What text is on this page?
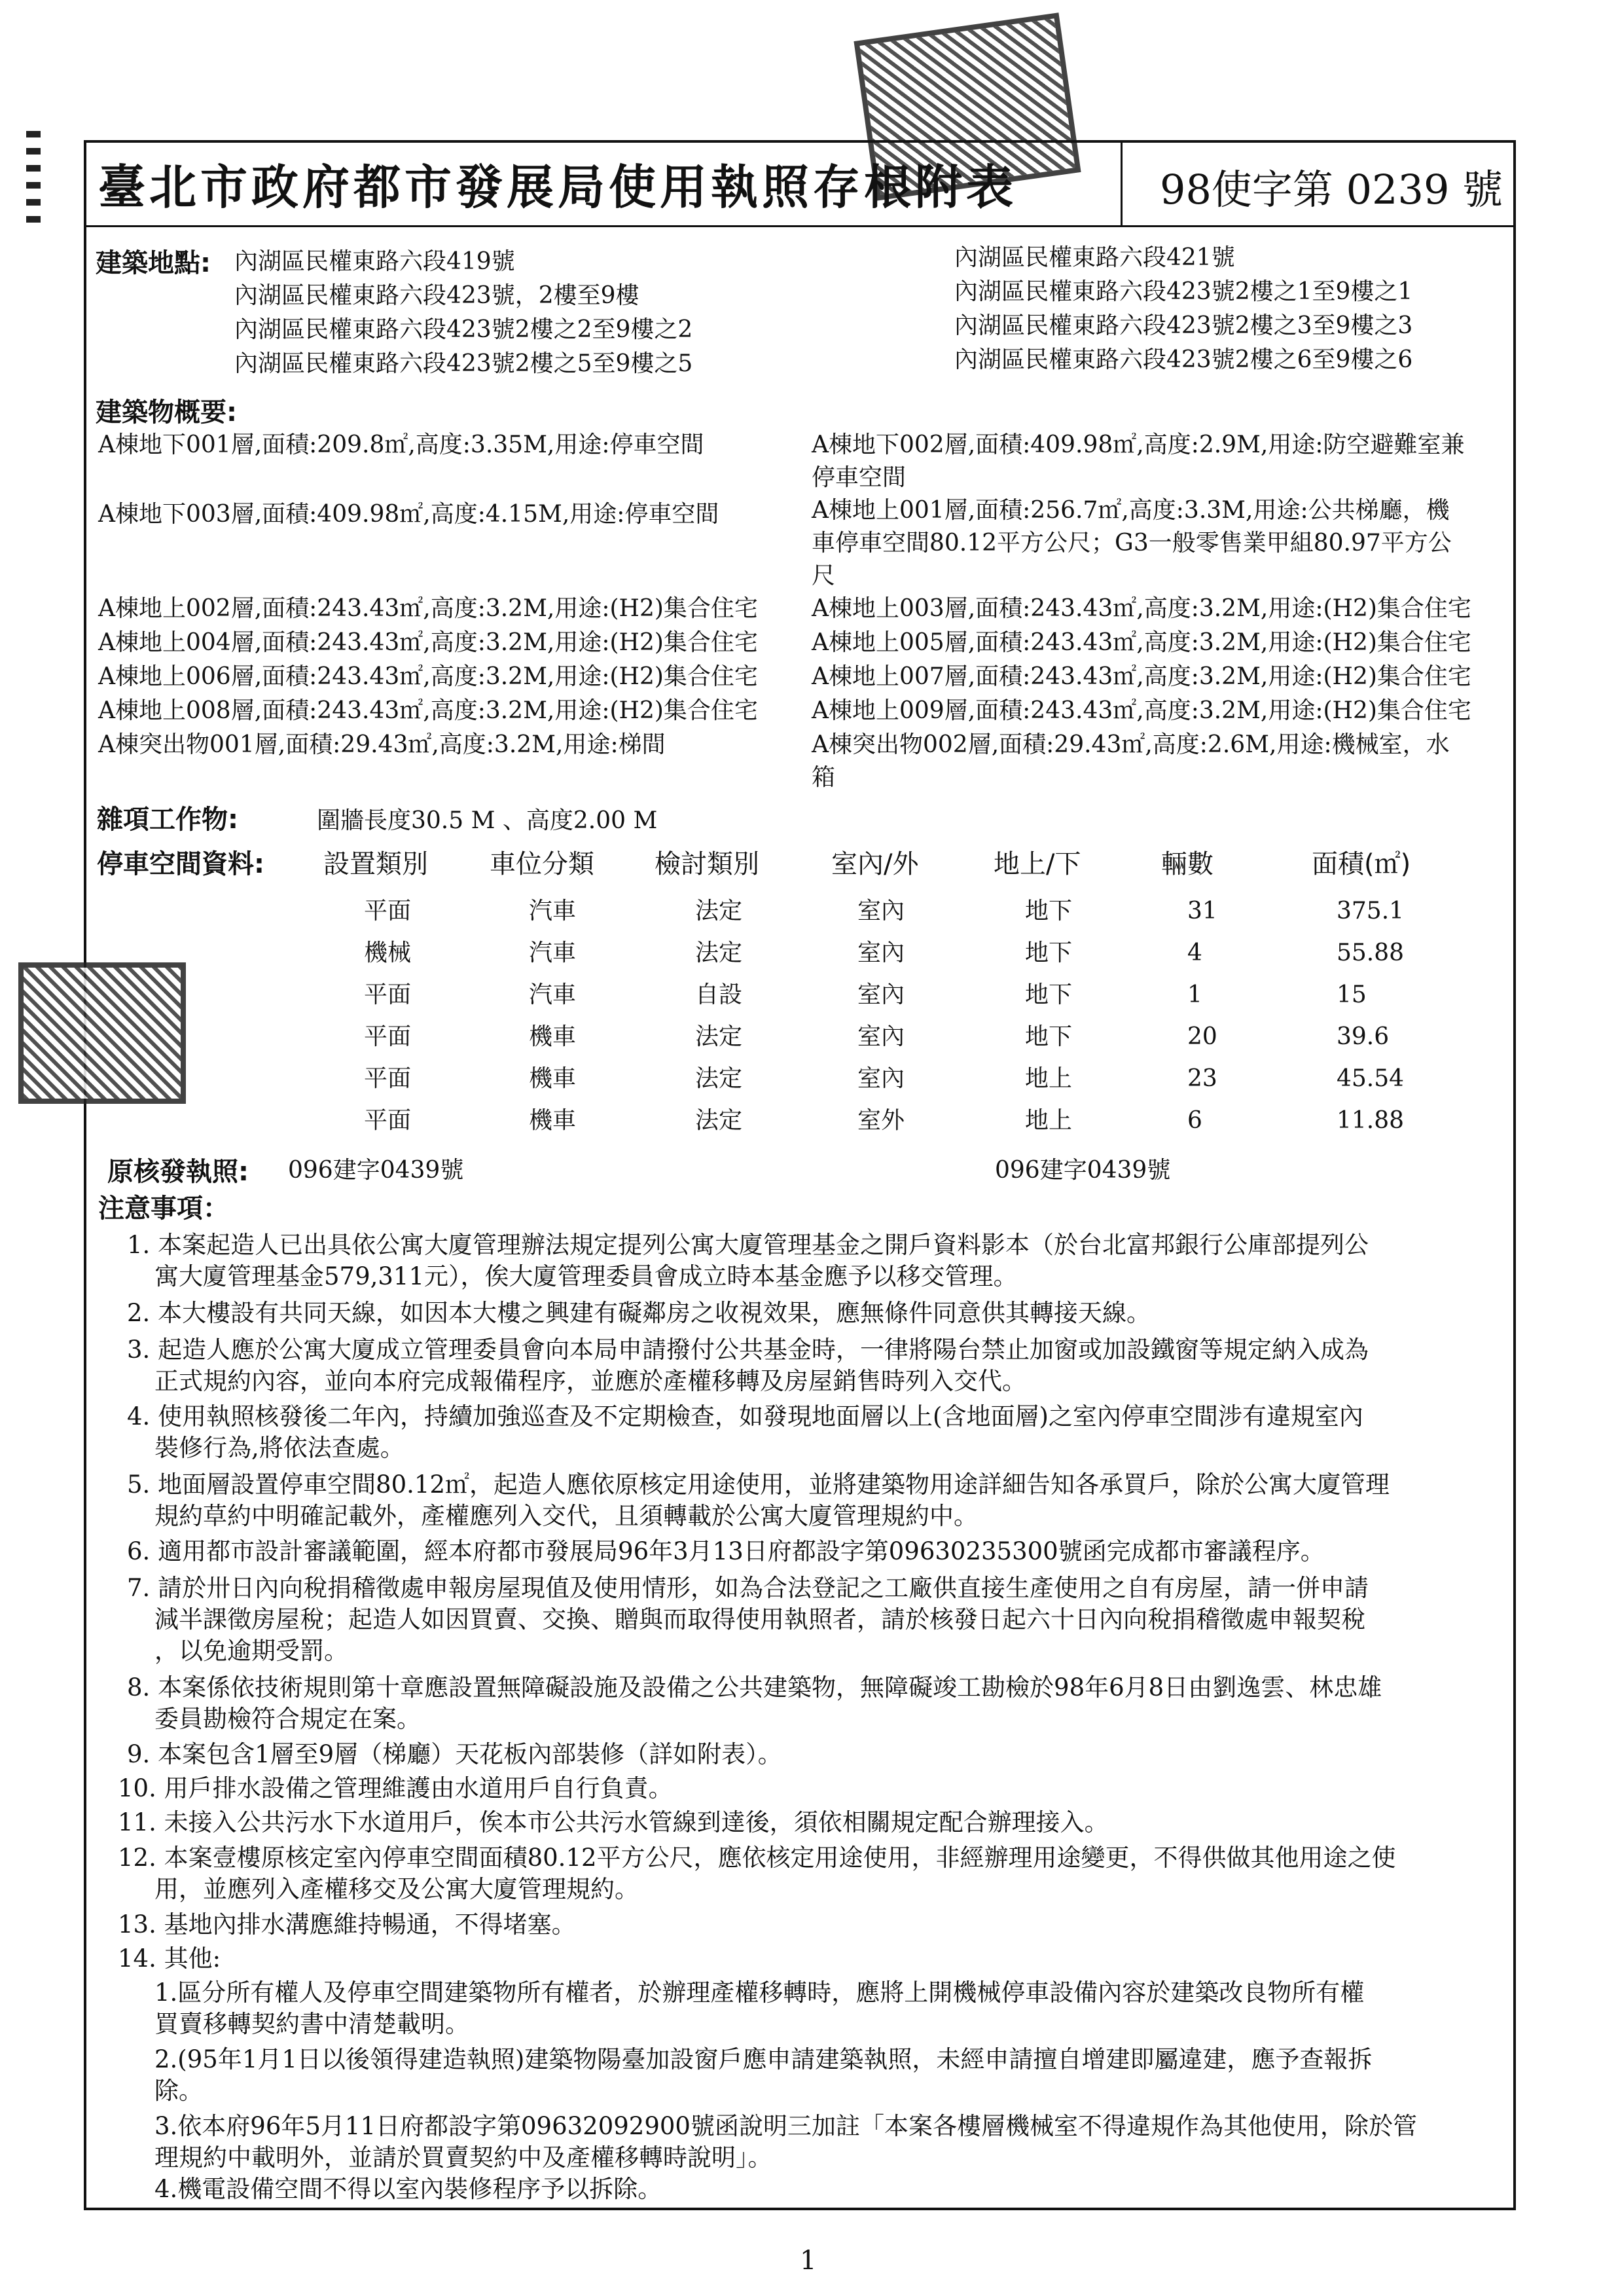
臺北市政府都市發展局使用執照存根附表	98使字第 0239 號
建築地點: 內湖區民權東路六段419號
內湖區民權東路六段423號，2樓至9樓
內湖區民權東路六段423號2樓之2至9樓之2
內湖區民權東路六段423號2樓之5至9樓之5
內湖區民權東路六段421號
內湖區民權東路六段423號2樓之1至9樓之1
內湖區民權東路六段423號2樓之3至9樓之3
內湖區民權東路六段423號2樓之6至9樓之6
建築物概要:
A棟地下001層,面積:209.8㎡,高度:3.35M,用途:停車空間	A棟地下002層,面積:409.98㎡,高度:2.9M,用途:防空避難室兼
停車空間
A棟地下003層,面積:409.98㎡,高度:4.15M,用途:停車空間	A棟地上001層,面積:256.7㎡,高度:3.3M,用途:公共梯廳，機
車停車空間80.12平方公尺；G3一般零售業甲組80.97平方公
尺
A棟地上002層,面積:243.43㎡,高度:3.2M,用途:(H2)集合住宅 A棟地上003層,面積:243.43㎡,高度:3.2M,用途:(H2)集合住宅
A棟地上004層,面積:243.43㎡,高度:3.2M,用途:(H2)集合住宅 A棟地上005層,面積:243.43㎡,高度:3.2M,用途:(H2)集合住宅
A棟地上006層,面積:243.43㎡,高度:3.2M,用途:(H2)集合住宅 A棟地上007層,面積:243.43㎡,高度:3.2M,用途:(H2)集合住宅
A棟地上008層,面積:243.43㎡,高度:3.2M,用途:(H2)集合住宅 A棟地上009層,面積:243.43㎡,高度:3.2M,用途:(H2)集合住宅
A棟突出物001層,面積:29.43㎡,高度:3.2M,用途:梯間	A棟突出物002層,面積:29.43㎡,高度:2.6M,用途:機械室，水
箱
雜項工作物:	圍牆長度30.5 M 、高度2.00 M
停車空間資料: 設置類別 車位分類 檢討類別	室內/外	地上/下	輛數	面積(㎡)
平面	汽車	法定	室內	地下	31	375.1
機械	汽車	法定	室內	地下	4	55.88
平面	汽車	自設	室內	地下	1	15
平面	機車	法定	室內	地下	20	39.6
平面	機車	法定	室內	地上	23	45.54
平面	機車	法定	室外	地上	6	11.88
原核發執照: 096建字0439號	096建字0439號
注意事項：
1. 本案起造人已出具依公寓大廈管理辦法規定提列公寓大廈管理基金之開戶資料影本（於台北富邦銀行公庫部提列公
寓大廈管理基金579,311元），俟大廈管理委員會成立時本基金應予以移交管理。
2. 本大樓設有共同天線，如因本大樓之興建有礙鄰房之收視效果，應無條件同意供其轉接天線。
3. 起造人應於公寓大廈成立管理委員會向本局申請撥付公共基金時，一律將陽台禁止加窗或加設鐵窗等規定納入成為
正式規約內容，並向本府完成報備程序，並應於產權移轉及房屋銷售時列入交代。
4. 使用執照核發後二年內，持續加強巡查及不定期檢查，如發現地面層以上(含地面層)之室內停車空間涉有違規室內
裝修行為,將依法查處。
5. 地面層設置停車空間80.12㎡，起造人應依原核定用途使用，並將建築物用途詳細告知各承買戶，除於公寓大廈管理
規約草約中明確記載外，產權應列入交代，且須轉載於公寓大廈管理規約中。
6. 適用都市設計審議範圍，經本府都市發展局96年3月13日府都設字第09630235300號函完成都市審議程序。
7. 請於卅日內向稅捐稽徵處申報房屋現值及使用情形，如為合法登記之工廠供直接生產使用之自有房屋，請一併申請
減半課徵房屋稅；起造人如因買賣、交換、贈與而取得使用執照者，請於核發日起六十日內向稅捐稽徵處申報契稅
，以免逾期受罰。
8. 本案係依技術規則第十章應設置無障礙設施及設備之公共建築物，無障礙竣工勘檢於98年6月8日由劉逸雲、林忠雄
委員勘檢符合規定在案。
9. 本案包含1層至9層（梯廳）天花板內部裝修（詳如附表）。
10. 用戶排水設備之管理維護由水道用戶自行負責。
11. 未接入公共污水下水道用戶，俟本市公共污水管線到達後，須依相關規定配合辦理接入。
12. 本案壹樓原核定室內停車空間面積80.12平方公尺，應依核定用途使用，非經辦理用途變更，不得供做其他用途之使
用，並應列入產權移交及公寓大廈管理規約。
13. 基地內排水溝應維持暢通，不得堵塞。
14. 其他:
1.區分所有權人及停車空間建築物所有權者，於辦理產權移轉時，應將上開機械停車設備內容於建築改良物所有權
買賣移轉契約書中清楚載明。
2.(95年1月1日以後領得建造執照)建築物陽臺加設窗戶應申請建築執照，未經申請擅自增建即屬違建，應予查報拆
除。
3.依本府96年5月11日府都設字第09632092900號函說明三加註「本案各樓層機械室不得違規作為其他使用，除於管
理規約中載明外，並請於買賣契約中及產權移轉時說明」。
4.機電設備空間不得以室內裝修程序予以拆除。
1
